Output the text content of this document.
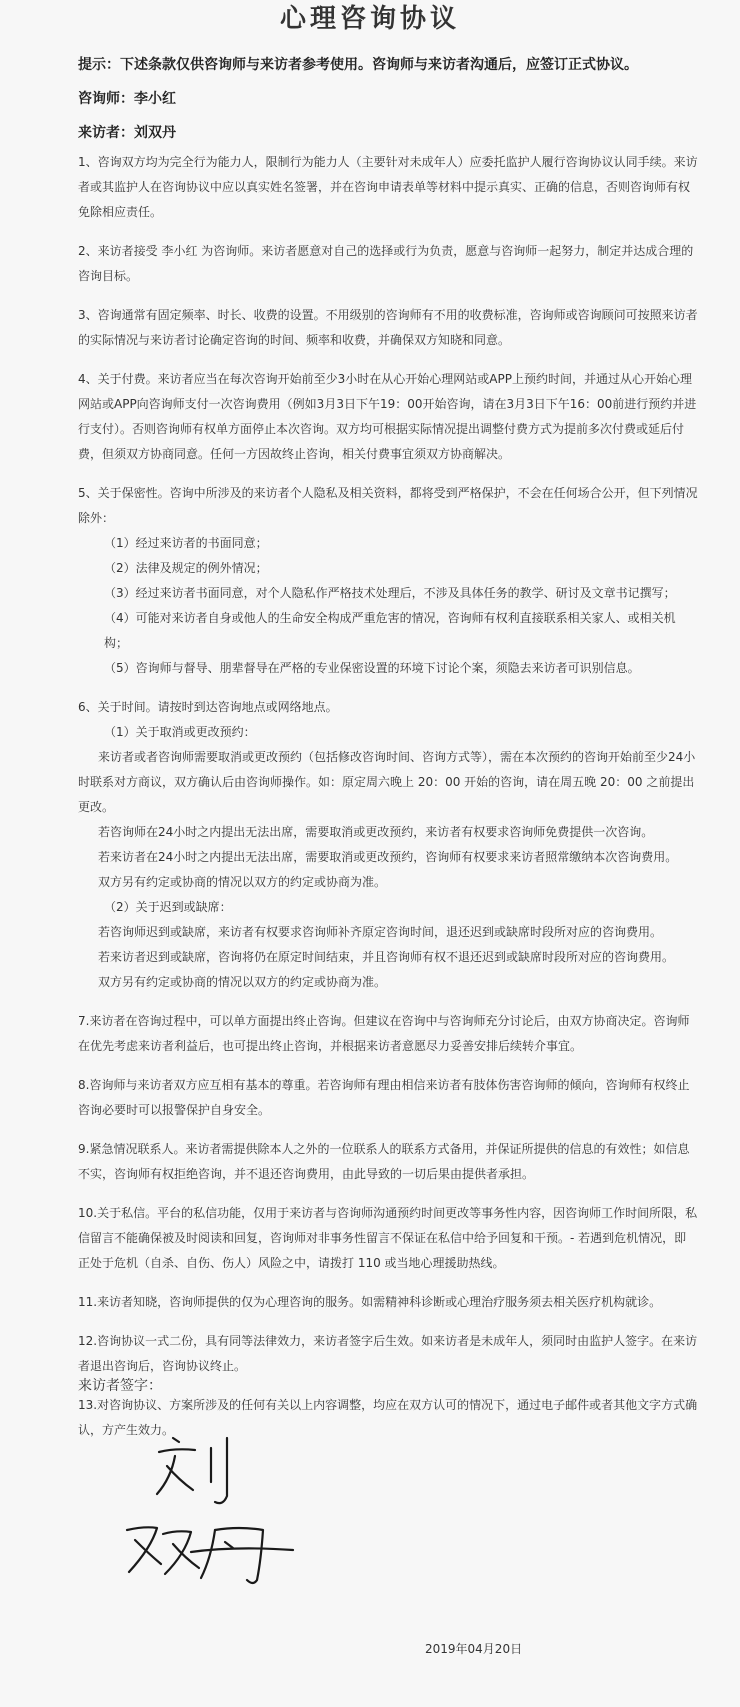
心理咨询协议
提示：下述条款仅供咨询师与来访者参考使用。咨询师与来访者沟通后，应签订正式协议。
咨询师：李小红
来访者：刘双丹

1、咨询双方均为完全行为能力人，限制行为能力人（主要针对未成年人）应委托监护人履行咨询协议认同手续。来访者或其监护人在咨询协议中应以真实姓名签署，并在咨询申请表单等材料中提示真实、正确的信息，否则咨询师有权免除相应责任。

2、来访者接受 李小红 为咨询师。来访者愿意对自己的选择或行为负责，愿意与咨询师一起努力，制定并达成合理的咨询目标。

3、咨询通常有固定频率、时长、收费的设置。不用级别的咨询师有不用的收费标准，咨询师或咨询顾问可按照来访者的实际情况与来访者讨论确定咨询的时间、频率和收费，并确保双方知晓和同意。

4、关于付费。来访者应当在每次咨询开始前至少3小时在从心开始心理网站或APP上预约时间，并通过从心开始心理网站或APP向咨询师支付一次咨询费用（例如3月3日下午19：00开始咨询，请在3月3日下午16：00前进行预约并进行支付）。否则咨询师有权单方面停止本次咨询。双方均可根据实际情况提出调整付费方式为提前多次付费或延后付费，但须双方协商同意。任何一方因故终止咨询，相关付费事宜须双方协商解决。

5、关于保密性。咨询中所涉及的来访者个人隐私及相关资料，都将受到严格保护，不会在任何场合公开，但下列情况除外：

（1）经过来访者的书面同意；

（2）法律及规定的例外情况；

（3）经过来访者书面同意，对个人隐私作严格技术处理后，不涉及具体任务的教学、研讨及文章书记撰写；

（4）可能对来访者自身或他人的生命安全构成严重危害的情况，咨询师有权利直接联系相关家人、或相关机构；

（5）咨询师与督导、朋辈督导在严格的专业保密设置的环境下讨论个案，须隐去来访者可识别信息。

6、关于时间。请按时到达咨询地点或网络地点。

（1）关于取消或更改预约：

来访者或者咨询师需要取消或更改预约（包括修改咨询时间、咨询方式等），需在本次预约的咨询开始前至少24小时联系对方商议，双方确认后由咨询师操作。如：原定周六晚上 20：00 开始的咨询，请在周五晚 20：00 之前提出更改。

若咨询师在24小时之内提出无法出席，需要取消或更改预约，来访者有权要求咨询师免费提供一次咨询。

若来访者在24小时之内提出无法出席，需要取消或更改预约，咨询师有权要求来访者照常缴纳本次咨询费用。

双方另有约定或协商的情况以双方的约定或协商为准。

（2）关于迟到或缺席：

若咨询师迟到或缺席，来访者有权要求咨询师补齐原定咨询时间，退还迟到或缺席时段所对应的咨询费用。

若来访者迟到或缺席，咨询将仍在原定时间结束，并且咨询师有权不退还迟到或缺席时段所对应的咨询费用。

双方另有约定或协商的情况以双方的约定或协商为准。

7.来访者在咨询过程中，可以单方面提出终止咨询。但建议在咨询中与咨询师充分讨论后，由双方协商决定。咨询师在优先考虑来访者利益后，也可提出终止咨询，并根据来访者意愿尽力妥善安排后续转介事宜。

8.咨询师与来访者双方应互相有基本的尊重。若咨询师有理由相信来访者有肢体伤害咨询师的倾向，咨询师有权终止咨询必要时可以报警保护自身安全。

9.紧急情况联系人。来访者需提供除本人之外的一位联系人的联系方式备用，并保证所提供的信息的有效性；如信息不实，咨询师有权拒绝咨询，并不退还咨询费用，由此导致的一切后果由提供者承担。

10.关于私信。平台的私信功能，仅用于来访者与咨询师沟通预约时间更改等事务性内容，因咨询师工作时间所限，私信留言不能确保被及时阅读和回复，咨询师对非事务性留言不保证在私信中给予回复和干预。- 若遇到危机情况，即正处于危机（自杀、自伤、伤人）风险之中，请拨打 110 或当地心理援助热线。

11.来访者知晓，咨询师提供的仅为心理咨询的服务。如需精神科诊断或心理治疗服务须去相关医疗机构就诊。

12.咨询协议一式二份，具有同等法律效力，来访者签字后生效。如来访者是未成年人，须同时由监护人签字。在来访者退出咨询后，咨询协议终止。

13.对咨询协议、方案所涉及的任何有关以上内容调整，均应在双方认可的情况下，通过电子邮件或者其他文字方式确认，方产生效力。

来访者签字：
2019年04月20日
